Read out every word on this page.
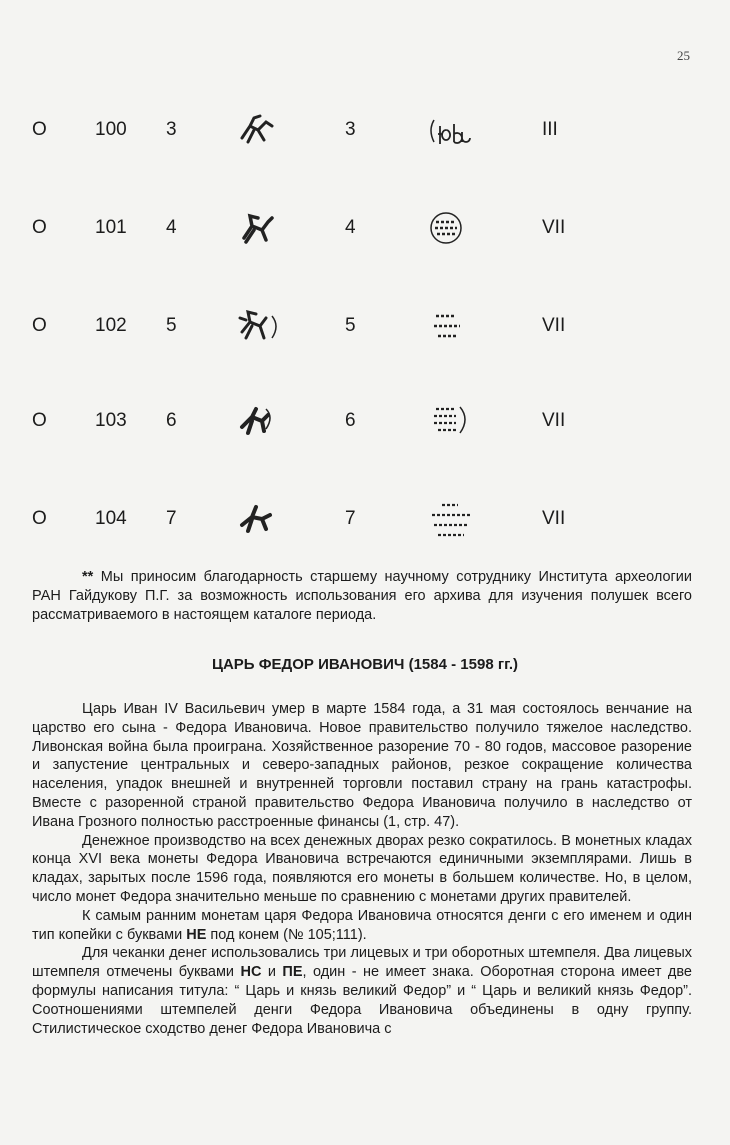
25
О	100 3	3	III
О	101 4	4	VII
О	102 5	5	VII
О	103 6	6	VII
О	104 7	7	VII

** Мы приносим благодарность старшему научному сотруднику Института археологии РАН Гайдукову П.Г. за возможность использования его архива для изучения полушек всего рассматриваемого в настоящем каталоге периода.

ЦАРЬ ФЕДОР ИВАНОВИЧ (1584 - 1598 гг.)

Царь Иван IV Васильевич умер в марте 1584 года, а 31 мая состоялось венчание на царство его сына - Федора Ивановича. Новое правительство получило тяжелое наследство. Ливонская война была проиграна. Хозяйственное разорение 70 - 80 годов, массовое разорение и запустение центральных и северо-западных районов, резкое сокращение количества населения, упадок внешней и внутренней торговли поставил страну на грань катастрофы. Вместе с разоренной страной правительство Федора Ивановича получило в наследство от Ивана Грозного полностью расстроенные финансы (1, стр. 47).

Денежное производство на всех денежных дворах резко сократилось. В монетных кладах конца XVI века монеты Федора Ивановича встречаются единичными экземплярами. Лишь в кладах, зарытых после 1596 года, появляются его монеты в большем количестве. Но, в целом, число монет Федора значительно меньше по сравнению с монетами других правителей.

К самым ранним монетам царя Федора Ивановича относятся денги с его именем и один тип копейки с буквами НЕ под конем (№ 105;111).

Для чеканки денег использовались три лицевых и три оборотных штемпеля. Два лицевых штемпеля отмечены буквами НС и ПЕ, один - не имеет знака. Оборотная сторона имеет две формулы написания титула: “ Царь и князь великий Федор” и “ Царь и великий князь Федор”. Соотношениями штемпелей денги Федора Ивановича объединены в одну группу. Стилистическое сходство денег Федора Ивановича с
